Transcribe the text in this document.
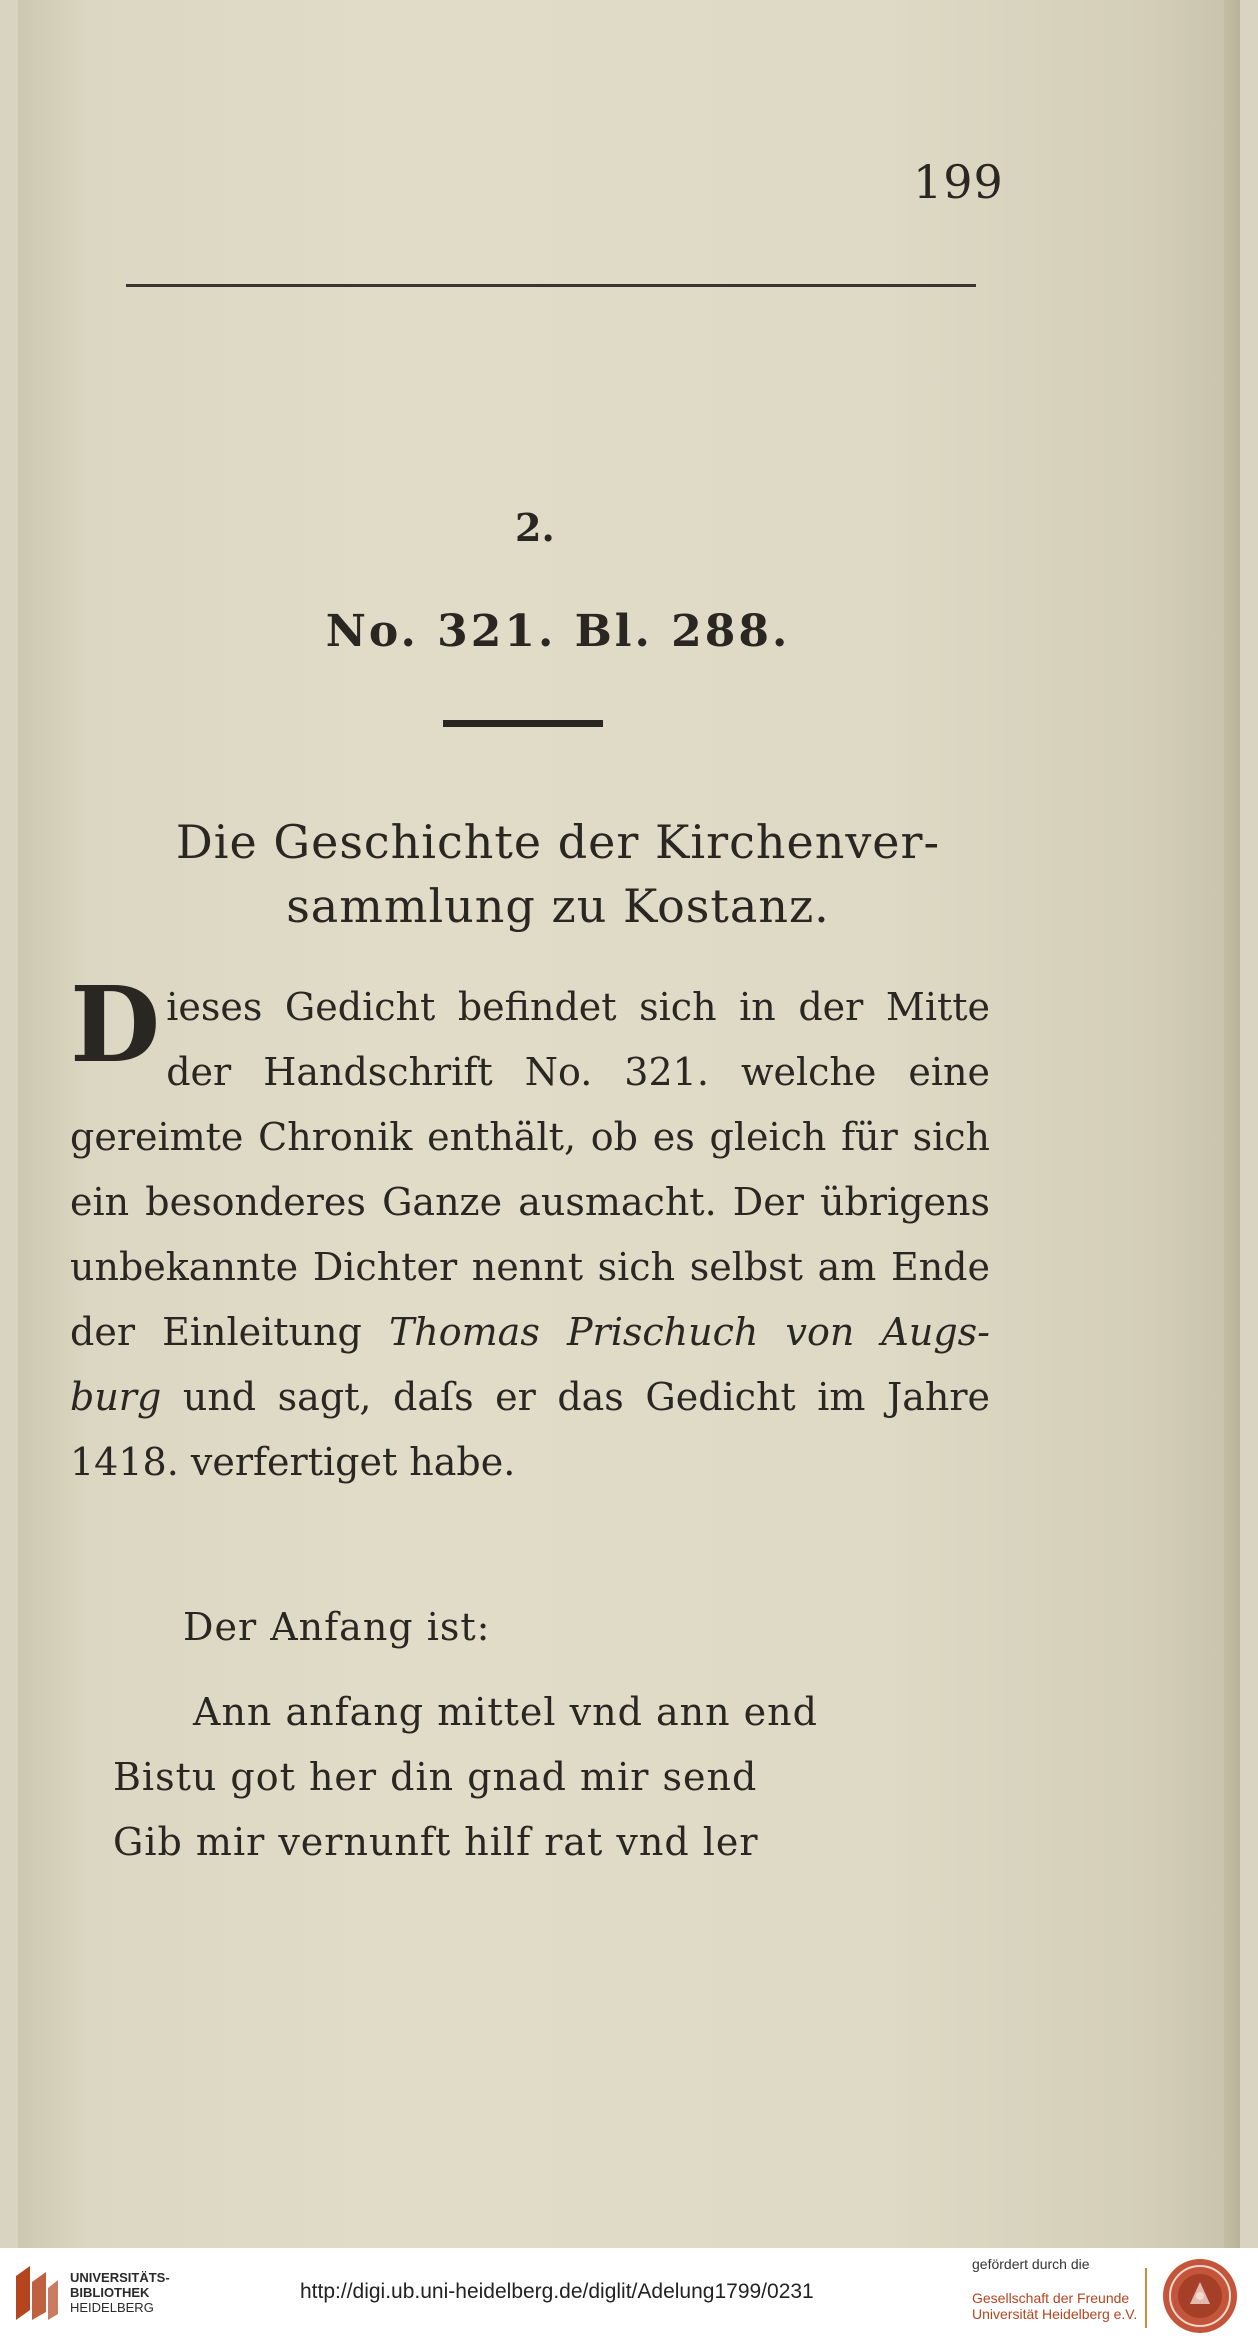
199
2.
No. 321. Bl. 288.
Die Geschichte der Kirchenver-
sammlung zu Kostanz.
Dieses Gedicht befindet sich in der Mitte der Handschrift No. 321. welche eine gereimte Chronik enthält, ob es gleich für sich ein besonderes Ganze ausmacht. Der übrigens unbekannte Dichter nennt sich selbst am Ende der Einleitung Thomas Prischuch von Augs-burg und sagt, daſs er das Gedicht im Jahre 1418. verfertiget habe.
Der Anfang ist:
Ann anfang mittel vnd ann end
Bistu got her din gnad mir send
Gib mir vernunft hilf rat vnd ler
UNIVERSITÄTS-
BIBLIOTHEK
HEIDELBERG
http://digi.ub.uni-heidelberg.de/diglit/Adelung1799/0231
gefördert durch die
Gesellschaft der Freunde
Universität Heidelberg e.V.
